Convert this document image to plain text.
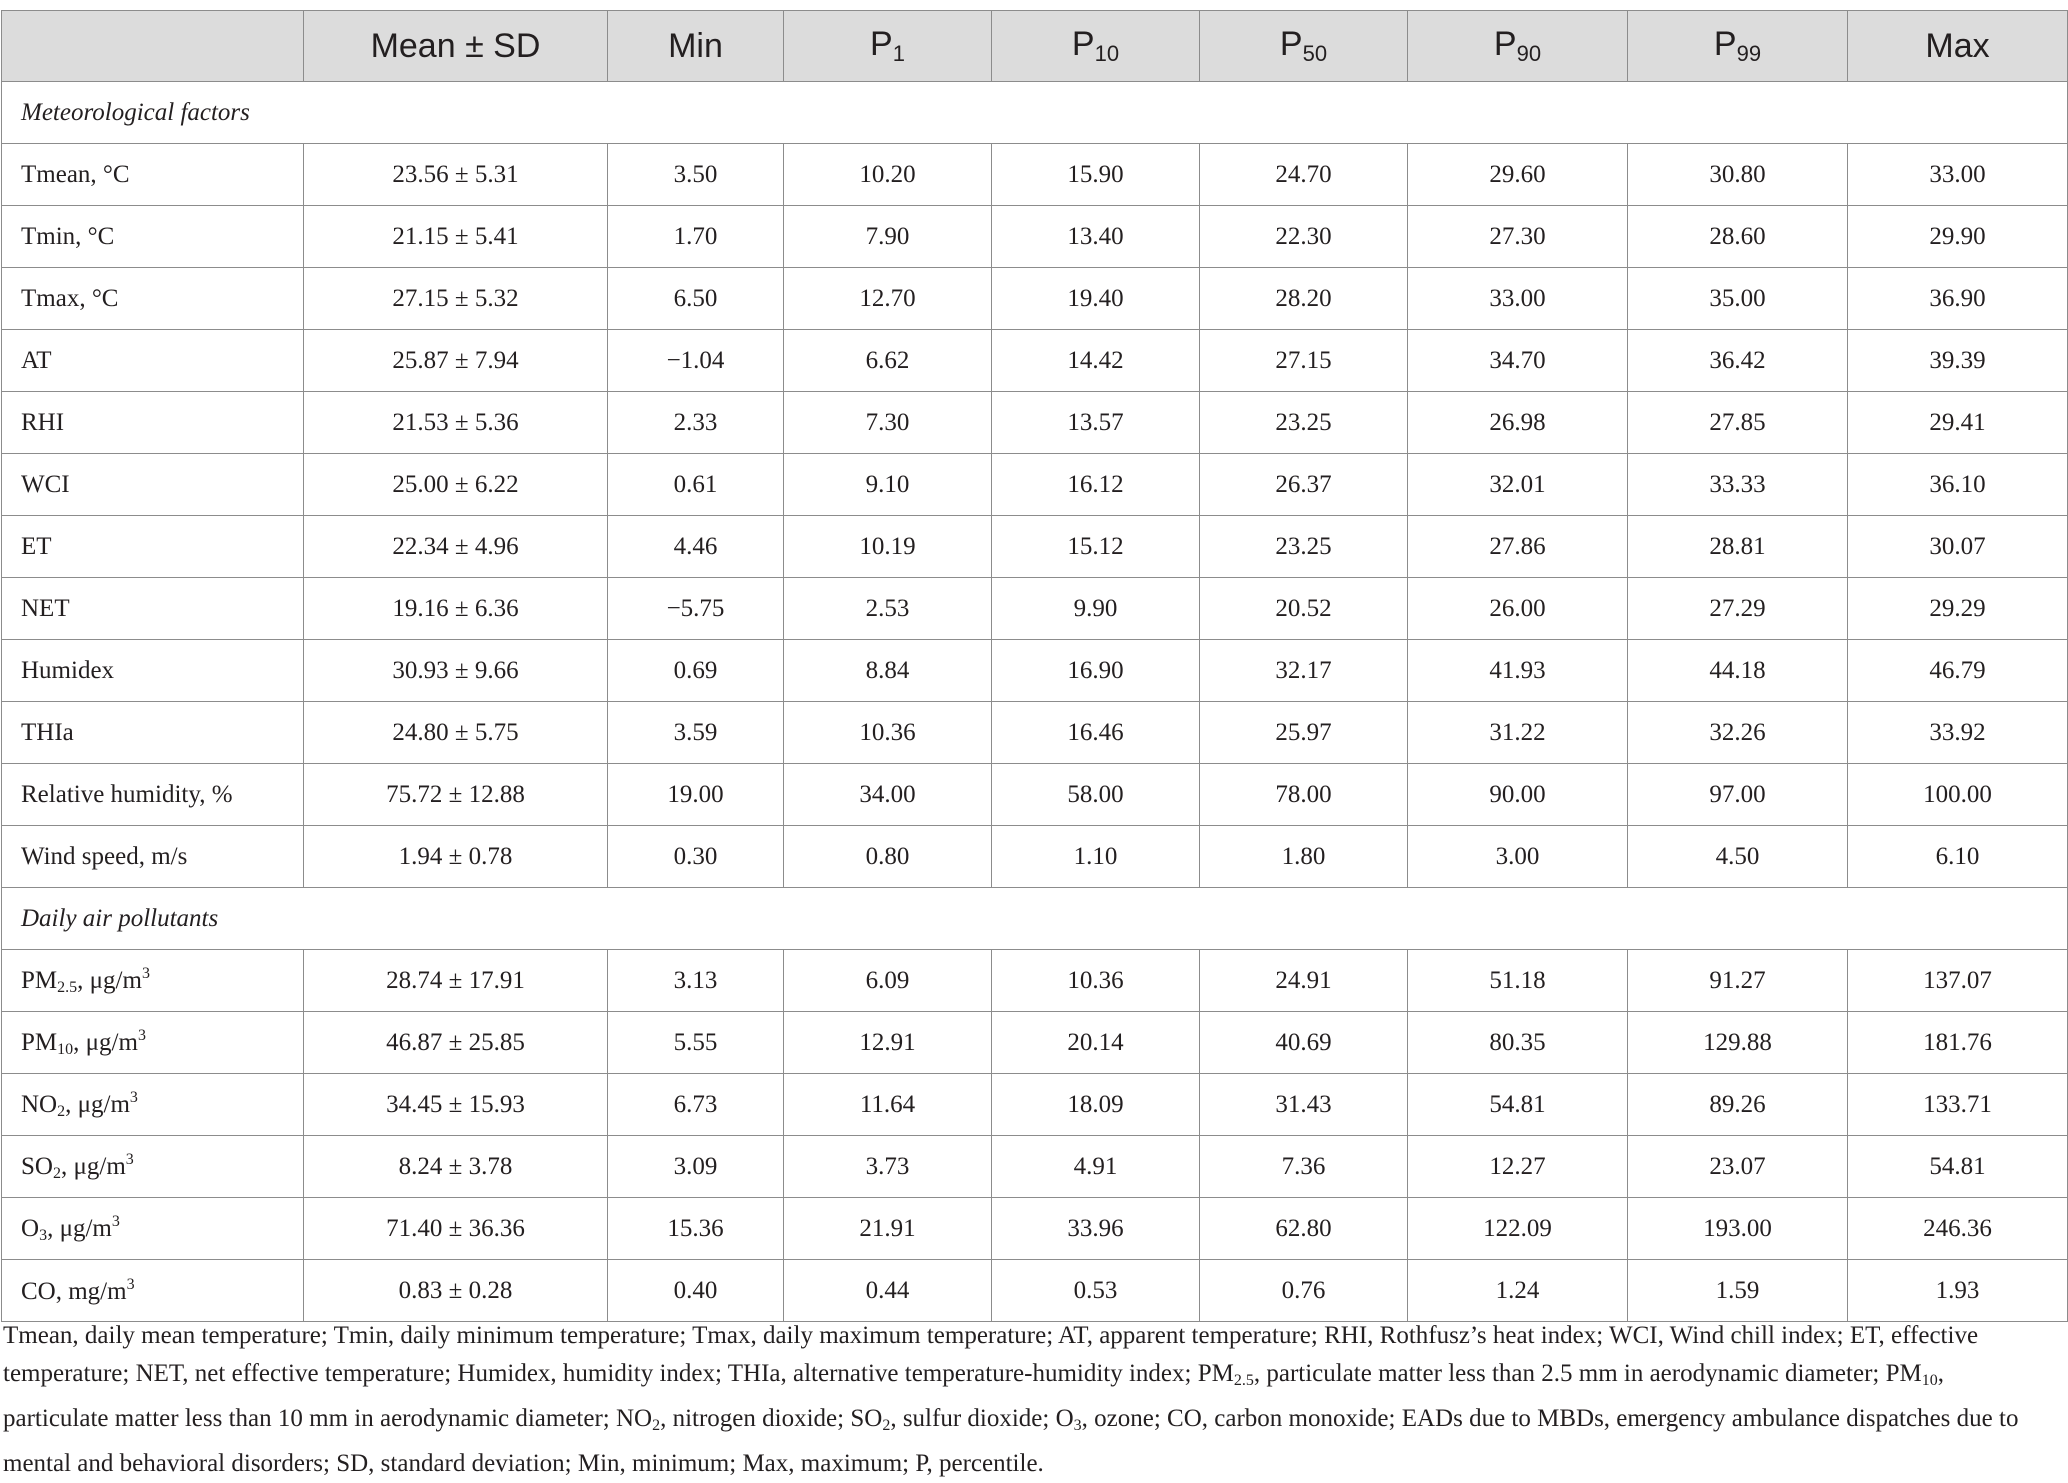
	Mean ± SD	Min	$P_1$	$P_{10}$	$P_{50}$	$P_{90}$	$P_{99}$	Max
Meteorological factors								
Tmean, °C	23.56 ± 5.31	3.50	10.20	15.90	24.70	29.60	30.80	33.00
Tmin, °C	21.15 ± 5.41	1.70	7.90	13.40	22.30	27.30	28.60	29.90
Tmax, °C	27.15 ± 5.32	6.50	12.70	19.40	28.20	33.00	35.00	36.90
AT	25.87 ± 7.94	−1.04	6.62	14.42	27.15	34.70	36.42	39.39
RHI	21.53 ± 5.36	2.33	7.30	13.57	23.25	26.98	27.85	29.41
WCI	25.00 ± 6.22	0.61	9.10	16.12	26.37	32.01	33.33	36.10
ET	22.34 ± 4.96	4.46	10.19	15.12	23.25	27.86	28.81	30.07
NET	19.16 ± 6.36	−5.75	2.53	9.90	20.52	26.00	27.29	29.29
Humidex	30.93 ± 9.66	0.69	8.84	16.90	32.17	41.93	44.18	46.79
THIa	24.80 ± 5.75	3.59	10.36	16.46	25.97	31.22	32.26	33.92
Relative humidity, %	75.72 ± 12.88	19.00	34.00	58.00	78.00	90.00	97.00	100.00
Wind speed, m/s	1.94 ± 0.78	0.30	0.80	1.10	1.80	3.00	4.50	6.10
Daily air pollutants								
$PM_{2.5}$, $\mu g/m^3$	28.74 ± 17.91	3.13	6.09	10.36	24.91	51.18	91.27	137.07
$PM_{10}$, $\mu g/m^3$	46.87 ± 25.85	5.55	12.91	20.14	40.69	80.35	129.88	181.76
$NO_2$, $\mu g/m^3$	34.45 ± 15.93	6.73	11.64	18.09	31.43	54.81	89.26	133.71
$SO_2$, $\mu g/m^3$	8.24 ± 3.78	3.09	3.73	4.91	7.36	12.27	23.07	54.81
$O_3$, $\mu g/m^3$	71.40 ± 36.36	15.36	21.91	33.96	62.80	122.09	193.00	246.36
CO, $mg/m^3$	0.83 ± 0.28	0.40	0.44	0.53	0.76	1.24	1.59	1.93
Tmean, daily mean temperature; Tmin, daily minimum temperature; Tmax, daily maximum temperature; AT, apparent temperature; RHI, Rothfusz’s heat index; WCI, Wind chill index; ET, effective temperature; NET, net effective temperature; Humidex, humidity index; THIa, alternative temperature-humidity index; $PM_{2.5}$, particulate matter less than 2.5 mm in aerodynamic diameter; $PM_{10}$, particulate matter less than 10 mm in aerodynamic diameter; $NO_2$, nitrogen dioxide; $SO_2$, sulfur dioxide; $O_3$, ozone; CO, carbon monoxide; EADs due to MBDs, emergency ambulance dispatches due to mental and behavioral disorders; SD, standard deviation; Min, minimum; Max, maximum; P, percentile.
